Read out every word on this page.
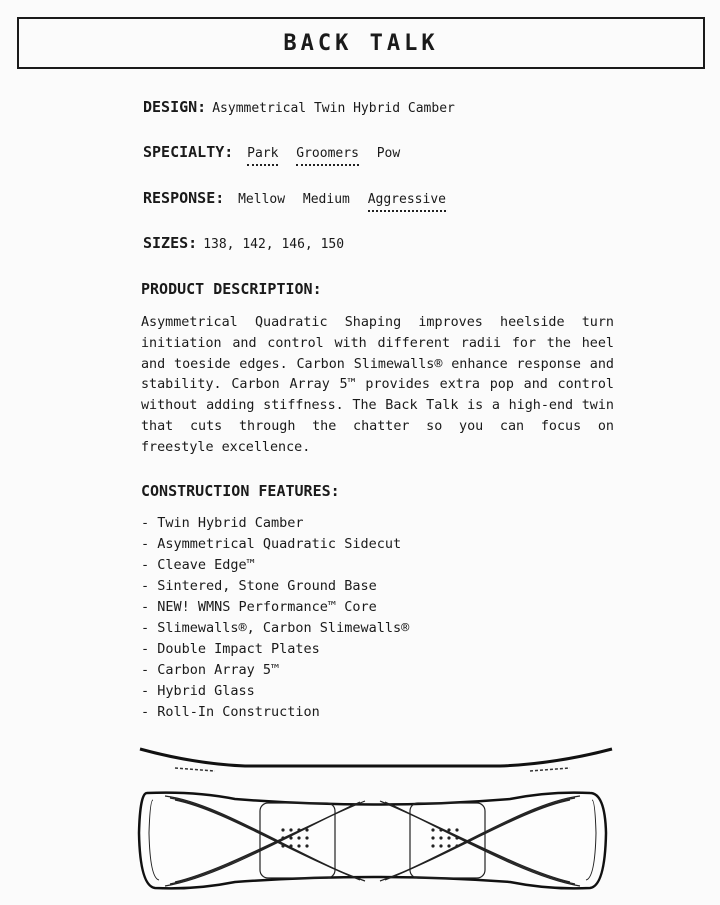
BACK TALK
DESIGN: Asymmetrical Twin Hybrid Camber
SPECIALTY: Park Groomers Pow
RESPONSE: Mellow Medium Aggressive
SIZES: 138, 142, 146, 150
PRODUCT DESCRIPTION:
Asymmetrical Quadratic Shaping improves heelside turn initiation and control with different radii for the heel and toeside edges. Carbon Slimewalls® enhance response and stability. Carbon Array 5™ provides extra pop and control without adding stiffness. The Back Talk is a high-end twin that cuts through the chatter so you can focus on freestyle excellence.
CONSTRUCTION FEATURES:
- Twin Hybrid Camber
- Asymmetrical Quadratic Sidecut
- Cleave Edge™
- Sintered, Stone Ground Base
- NEW! WMNS Performance™ Core
- Slimewalls®, Carbon Slimewalls®
- Double Impact Plates
- Carbon Array 5™
- Hybrid Glass
- Roll-In Construction
